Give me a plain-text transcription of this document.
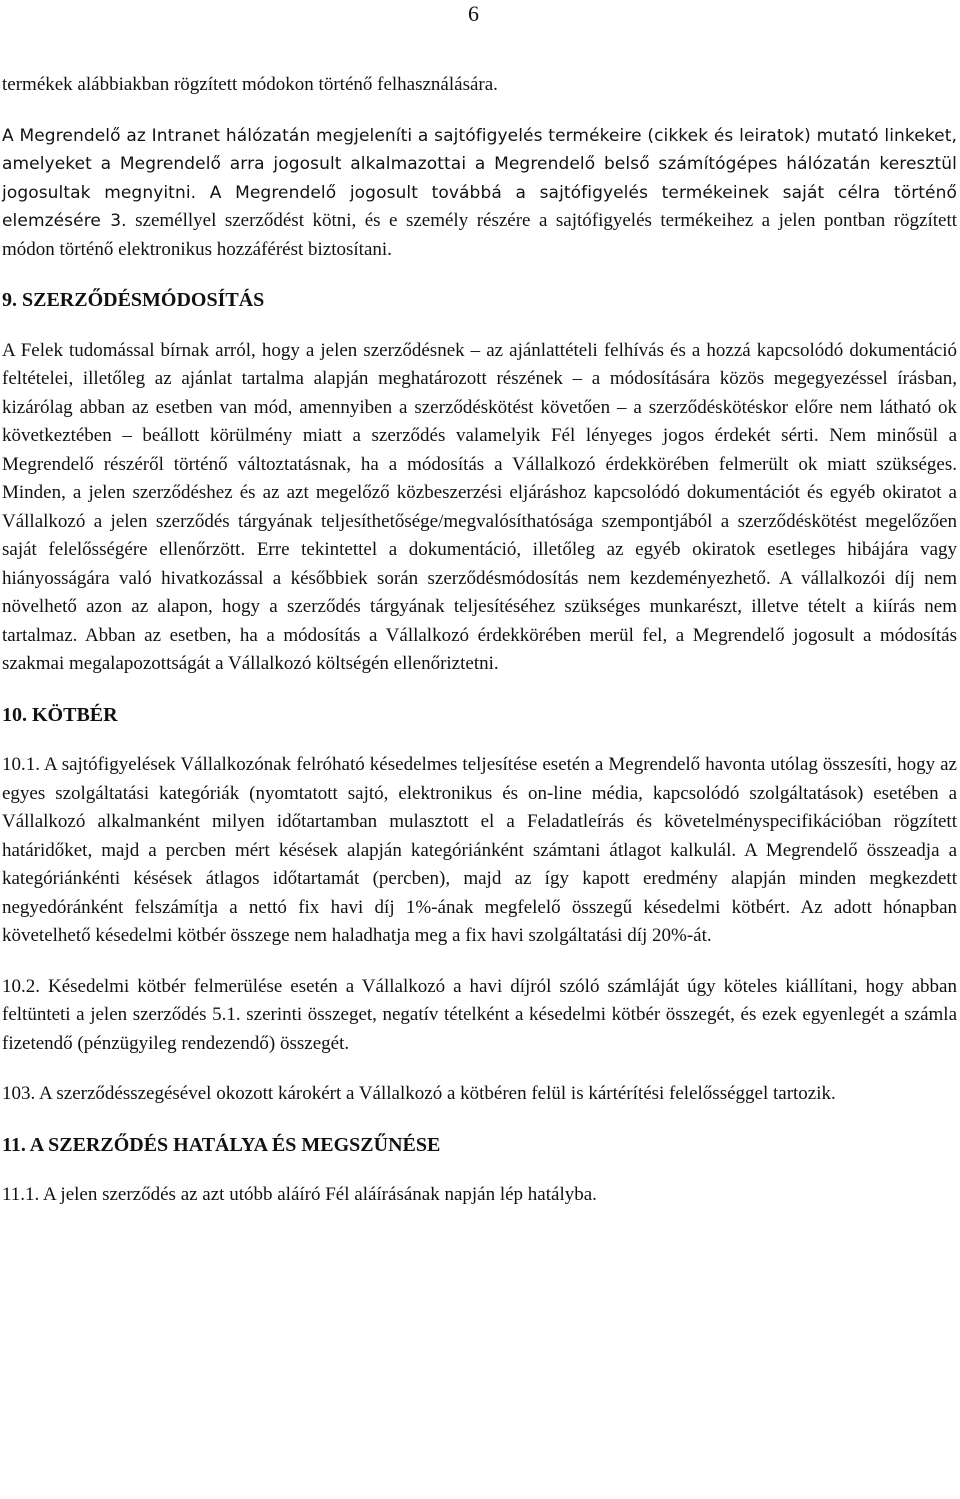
6

termékek alábbiakban rögzített módokon történő felhasználására.

A Megrendelő az Intranet hálózatán megjeleníti a sajtófigyelés termékeire (cikkek és leiratok) mutató linkeket, amelyeket a Megrendelő arra jogosult alkalmazottai a Megrendelő belső számítógépes hálózatán keresztül jogosultak megnyitni. A Megrendelő jogosult továbbá a sajtófigyelés termékeinek saját célra történő elemzésére 3. személlyel szerződést kötni, és e személy részére a sajtófigyelés termékeihez a jelen pontban rögzített módon történő elektronikus hozzáférést biztosítani.

9. SZERZŐDÉSMÓDOSÍTÁS

A Felek tudomással bírnak arról, hogy a jelen szerződésnek – az ajánlattételi felhívás és a hozzá kapcsolódó dokumentáció feltételei, illetőleg az ajánlat tartalma alapján meghatározott részének – a módosítására közös megegyezéssel írásban, kizárólag abban az esetben van mód, amennyiben a szerződéskötést követően – a szerződéskötéskor előre nem látható ok következtében – beállott körülmény miatt a szerződés valamelyik Fél lényeges jogos érdekét sérti. Nem minősül a Megrendelő részéről történő változtatásnak, ha a módosítás a Vállalkozó érdekkörében felmerült ok miatt szükséges. Minden, a jelen szerződéshez és az azt megelőző közbeszerzési eljáráshoz kapcsolódó dokumentációt és egyéb okiratot a Vállalkozó a jelen szerződés tárgyának teljesíthetősége/megvalósíthatósága szempontjából a szerződéskötést megelőzően saját felelősségére ellenőrzött. Erre tekintettel a dokumentáció, illetőleg az egyéb okiratok esetleges hibájára vagy hiányosságára való hivatkozással a későbbiek során szerződésmódosítás nem kezdeményezhető. A vállalkozói díj nem növelhető azon az alapon, hogy a szerződés tárgyának teljesítéséhez szükséges munkarészt, illetve tételt a kiírás nem tartalmaz. Abban az esetben, ha a módosítás a Vállalkozó érdekkörében merül fel, a Megrendelő jogosult a módosítás szakmai megalapozottságát a Vállalkozó költségén ellenőriztetni.

10. KÖTBÉR

10.1. A sajtófigyelések Vállalkozónak felróható késedelmes teljesítése esetén a Megrendelő havonta utólag összesíti, hogy az egyes szolgáltatási kategóriák (nyomtatott sajtó, elektronikus és on-line média, kapcsolódó szolgáltatások) esetében a Vállalkozó alkalmanként milyen időtartamban mulasztott el a Feladatleírás és követelményspecifikációban rögzített határidőket, majd a percben mért késések alapján kategóriánként számtani átlagot kalkulál. A Megrendelő összeadja a kategóriánkénti késések átlagos időtartamát (percben), majd az így kapott eredmény alapján minden megkezdett negyedóránként felszámítja a nettó fix havi díj 1%-ának megfelelő összegű késedelmi kötbért. Az adott hónapban követelhető késedelmi kötbér összege nem haladhatja meg a fix havi szolgáltatási díj 20%-át.

10.2. Késedelmi kötbér felmerülése esetén a Vállalkozó a havi díjról szóló számláját úgy köteles kiállítani, hogy abban feltünteti a jelen szerződés 5.1. szerinti összeget, negatív tételként a késedelmi kötbér összegét, és ezek egyenlegét a számla fizetendő (pénzügyileg rendezendő) összegét.

103. A szerződésszegésével okozott károkért a Vállalkozó a kötbéren felül is kártérítési felelősséggel tartozik.

11. A SZERZŐDÉS HATÁLYA ÉS MEGSZŰNÉSE

11.1. A jelen szerződés az azt utóbb aláíró Fél aláírásának napján lép hatályba.
